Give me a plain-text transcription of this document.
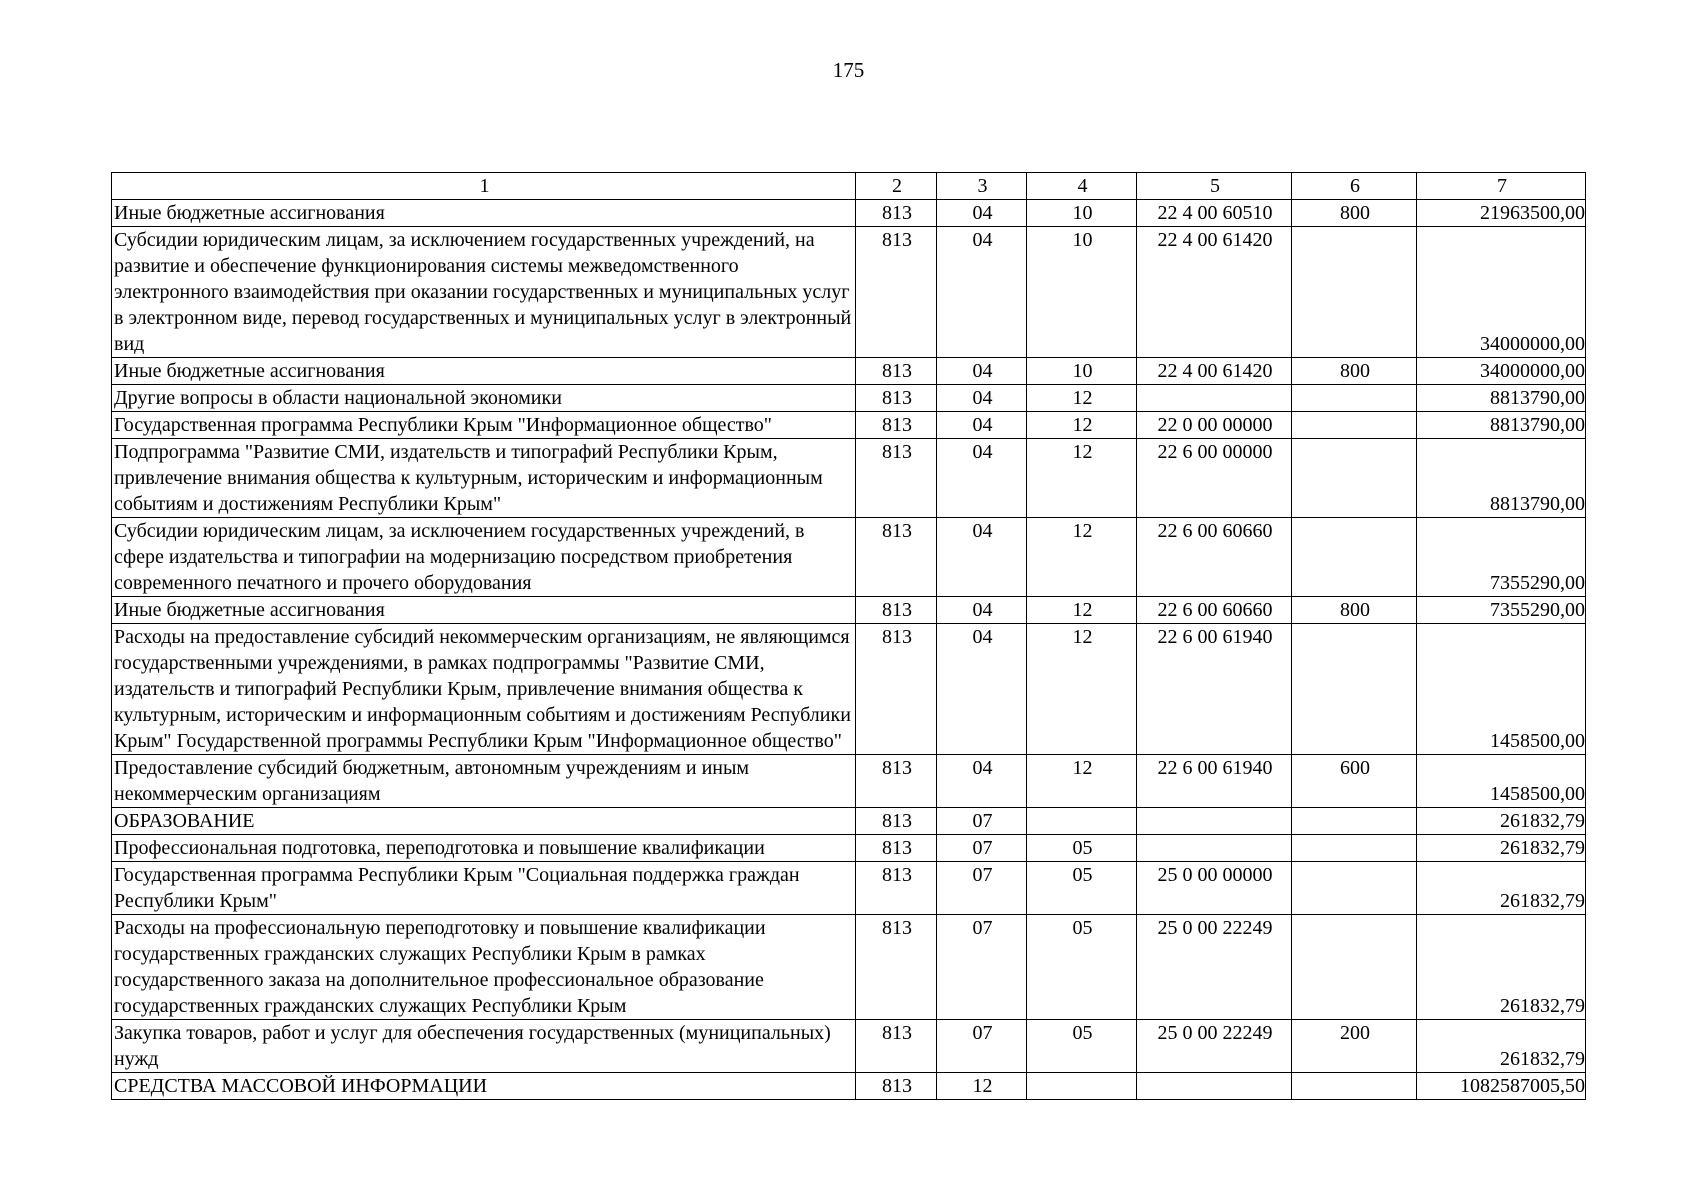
175
1	2	3	4	5	6	7
Иные бюджетные ассигнования	813	04	10	22 4 00 60510	800	21963500,00
Субсидии юридическим лицам, за исключением государственных учреждений, на развитие и обеспечение функционирования системы межведомственного электронного взаимодействия при оказании государственных и муниципальных услуг в электронном виде, перевод государственных и муниципальных услуг в электронный вид	813	04	10	22 4 00 61420		34000000,00
Иные бюджетные ассигнования	813	04	10	22 4 00 61420	800	34000000,00
Другие вопросы в области национальной экономики	813	04	12			8813790,00
Государственная программа Республики Крым "Информационное общество"	813	04	12	22 0 00 00000		8813790,00
Подпрограмма "Развитие СМИ, издательств и типографий Республики Крым, привлечение внимания общества к культурным, историческим и информационным событиям и достижениям Республики Крым"	813	04	12	22 6 00 00000		8813790,00
Субсидии юридическим лицам, за исключением государственных учреждений, в сфере издательства и типографии на модернизацию посредством приобретения современного печатного и прочего оборудования	813	04	12	22 6 00 60660		7355290,00
Иные бюджетные ассигнования	813	04	12	22 6 00 60660	800	7355290,00
Расходы на предоставление субсидий некоммерческим организациям, не являющимся государственными учреждениями, в рамках подпрограммы "Развитие СМИ, издательств и типографий Республики Крым, привлечение внимания общества к культурным, историческим и информационным событиям и достижениям Республики Крым" Государственной программы Республики Крым "Информационное общество"	813	04	12	22 6 00 61940		1458500,00
Предоставление субсидий бюджетным, автономным учреждениям и иным некоммерческим организациям	813	04	12	22 6 00 61940	600	1458500,00
ОБРАЗОВАНИЕ	813	07				261832,79
Профессиональная подготовка, переподготовка и повышение квалификации	813	07	05			261832,79
Государственная программа Республики Крым "Социальная поддержка граждан Республики Крым"	813	07	05	25 0 00 00000		261832,79
Расходы на профессиональную переподготовку и повышение квалификации государственных гражданских служащих Республики Крым в рамках государственного заказа на дополнительное профессиональное образование государственных гражданских служащих Республики Крым	813	07	05	25 0 00 22249		261832,79
Закупка товаров, работ и услуг для обеспечения государственных (муниципальных) нужд	813	07	05	25 0 00 22249	200	261832,79
СРЕДСТВА МАССОВОЙ ИНФОРМАЦИИ	813	12				1082587005,50
